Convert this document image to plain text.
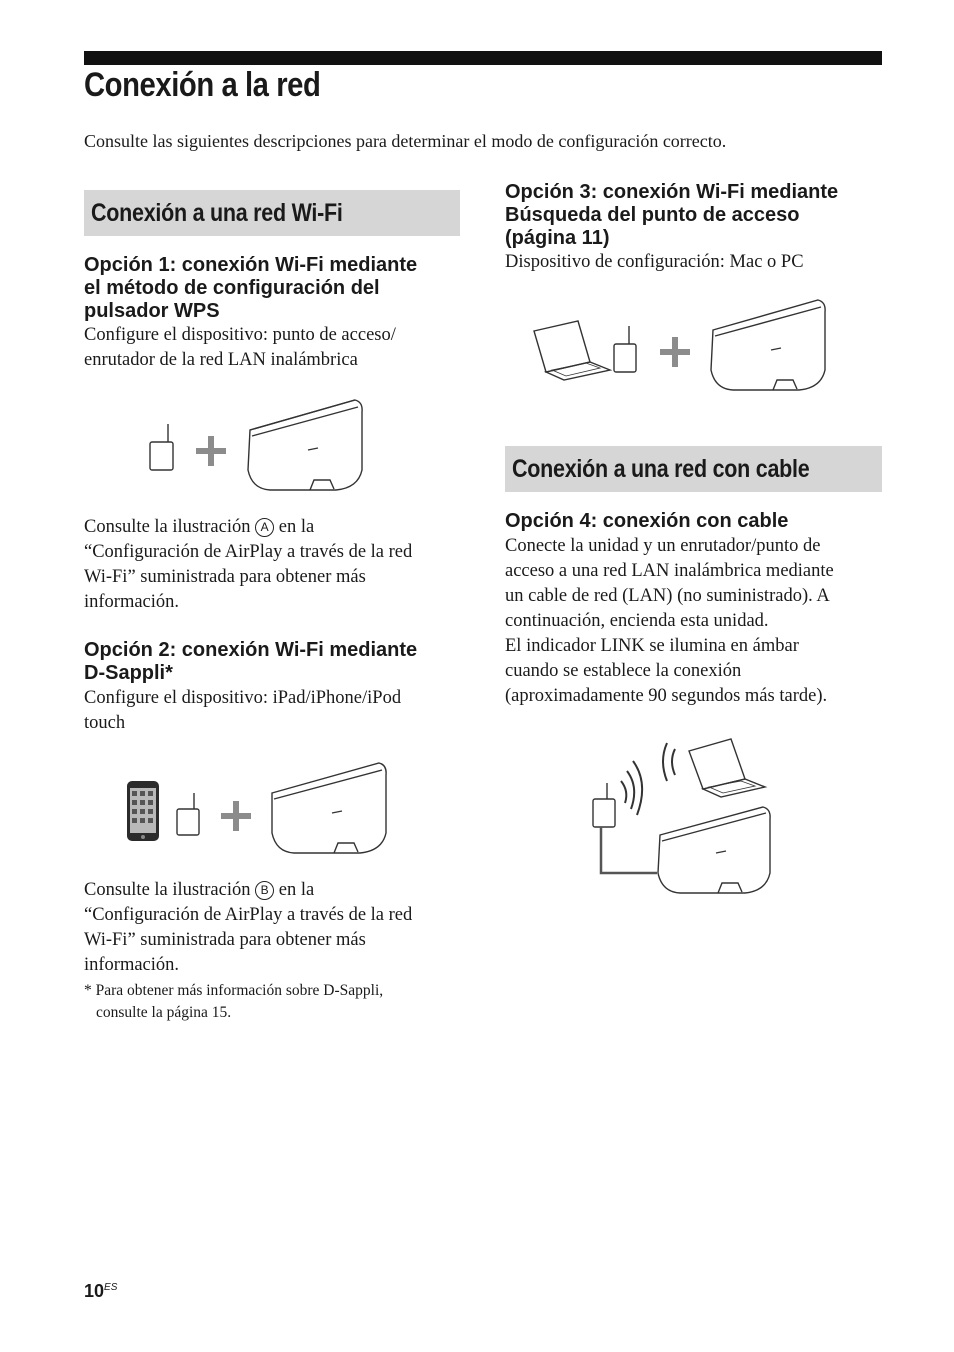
Conexión a la red
Consulte las siguientes descripciones para determinar el modo de configuración correcto.
Conexión a una red Wi-Fi

Opción 1: conexión Wi-Fi mediante
el método de configuración del
pulsador WPS

Configure el dispositivo: punto de acceso/
enrutador de la red LAN inalámbrica

Consulte la ilustración A en la
“Configuración de AirPlay a través de la red
Wi-Fi” suministrada para obtener más
información.

Opción 2: conexión Wi-Fi mediante
D-Sappli*

Configure el dispositivo: iPad/iPhone/iPod
touch

Consulte la ilustración B en la
“Configuración de AirPlay a través de la red
Wi-Fi” suministrada para obtener más
información.

* Para obtener más información sobre D-Sappli,
consulte la página 15.

Opción 3: conexión Wi-Fi mediante
Búsqueda del punto de acceso
(página 11)

Dispositivo de configuración: Mac o PC

Conexión a una red con cable

Opción 4: conexión con cable

Conecte la unidad y un enrutador/punto de
acceso a una red LAN inalámbrica mediante
un cable de red (LAN) (no suministrado). A
continuación, encienda esta unidad.
El indicador LINK se ilumina en ámbar
cuando se establece la conexión
(aproximadamente 90 segundos más tarde).

$10^{ES}$
